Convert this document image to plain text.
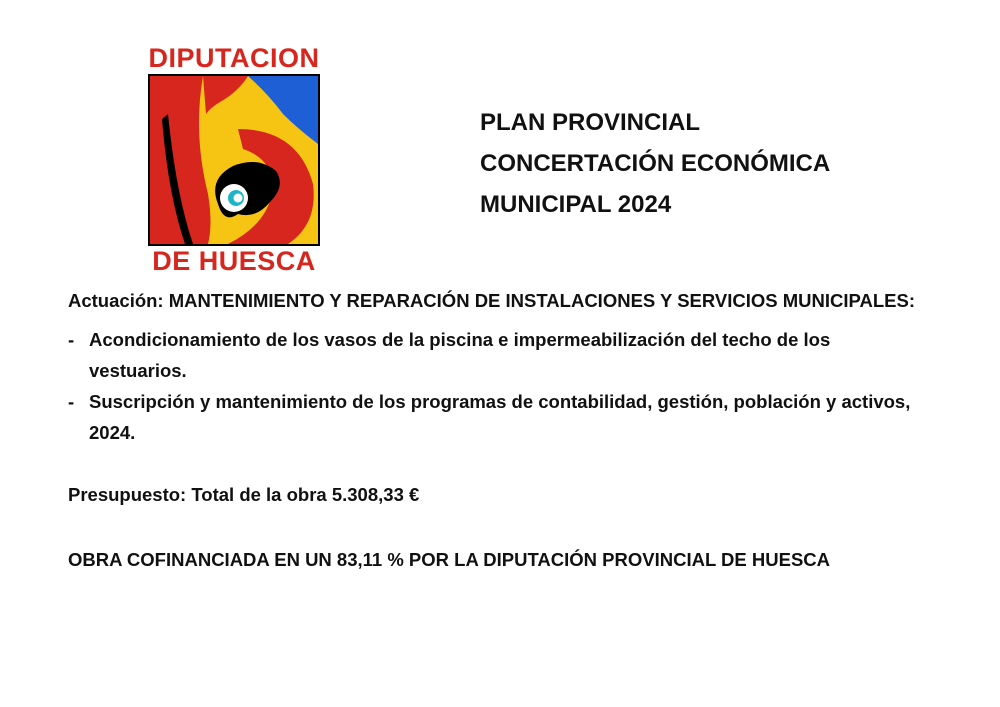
DIPUTACION
DE HUESCA
PLAN PROVINCIAL
CONCERTACIÓN ECONÓMICA
MUNICIPAL 2024

Actuación: MANTENIMIENTO Y REPARACIÓN DE INSTALACIONES Y SERVICIOS MUNICIPALES:

- Acondicionamiento de los vasos de la piscina e impermeabilización del techo de los vestuarios.
- Suscripción y mantenimiento de los programas de contabilidad, gestión, población y activos, 2024.

Presupuesto: Total de la obra 5.308,33 €

OBRA COFINANCIADA EN UN 83,11 % POR LA DIPUTACIÓN PROVINCIAL DE HUESCA
